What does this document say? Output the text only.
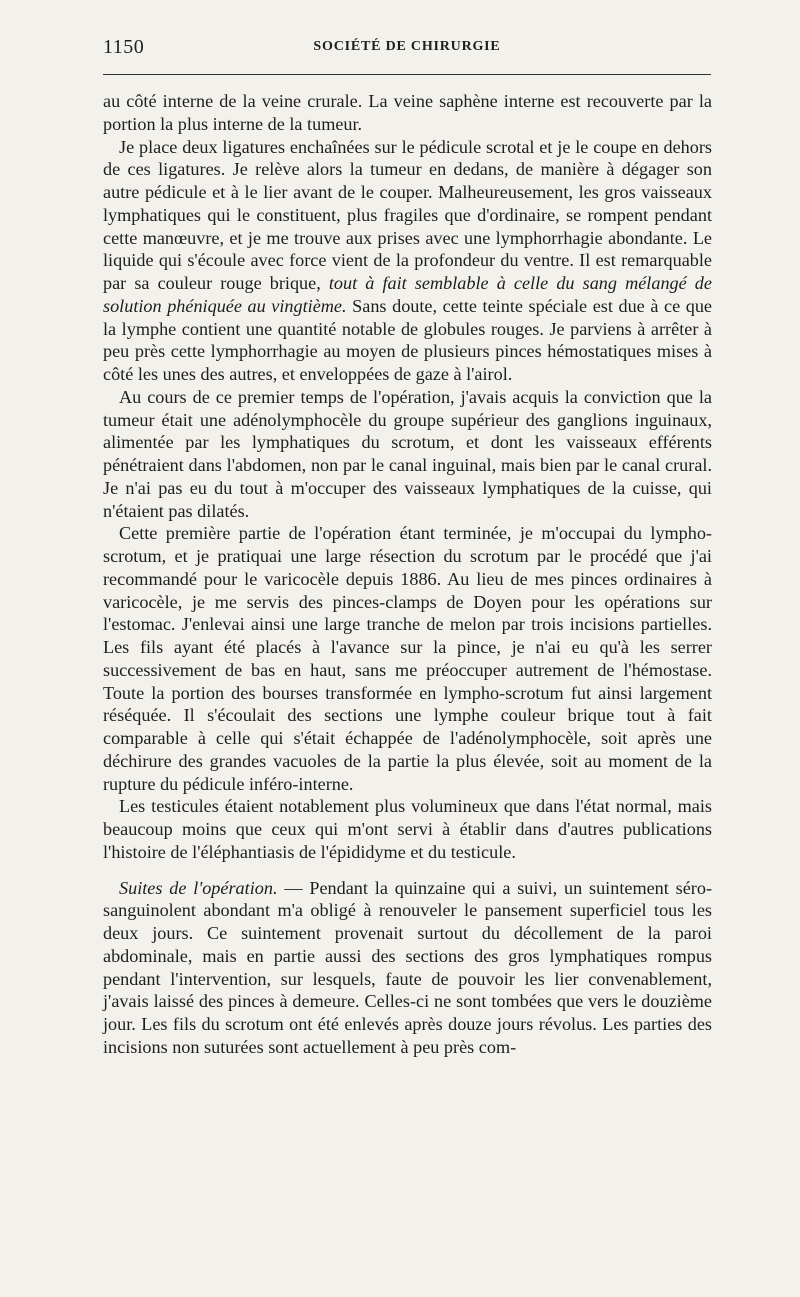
1150	SOCIÉTÉ DE CHIRURGIE

au côté interne de la veine crurale. La veine saphène interne est recouverte par la portion la plus interne de la tumeur.

Je place deux ligatures enchaînées sur le pédicule scrotal et je le coupe en dehors de ces ligatures. Je relève alors la tumeur en dedans, de manière à dégager son autre pédicule et à le lier avant de le couper. Malheureusement, les gros vaisseaux lymphatiques qui le constituent, plus fragiles que d'ordinaire, se rompent pendant cette manœuvre, et je me trouve aux prises avec une lymphorrhagie abondante. Le liquide qui s'écoule avec force vient de la profondeur du ventre. Il est remarquable par sa couleur rouge brique, tout à fait semblable à celle du sang mélangé de solution phéniquée au vingtième. Sans doute, cette teinte spéciale est due à ce que la lymphe contient une quantité notable de globules rouges. Je parviens à arrêter à peu près cette lymphorrhagie au moyen de plusieurs pinces hémostatiques mises à côté les unes des autres, et enveloppées de gaze à l'airol.

Au cours de ce premier temps de l'opération, j'avais acquis la conviction que la tumeur était une adénolymphocèle du groupe supérieur des ganglions inguinaux, alimentée par les lymphatiques du scrotum, et dont les vaisseaux efférents pénétraient dans l'abdomen, non par le canal inguinal, mais bien par le canal crural. Je n'ai pas eu du tout à m'occuper des vaisseaux lymphatiques de la cuisse, qui n'étaient pas dilatés.

Cette première partie de l'opération étant terminée, je m'occupai du lympho-scrotum, et je pratiquai une large résection du scrotum par le procédé que j'ai recommandé pour le varicocèle depuis 1886. Au lieu de mes pinces ordinaires à varicocèle, je me servis des pinces-clamps de Doyen pour les opérations sur l'estomac. J'enlevai ainsi une large tranche de melon par trois incisions partielles. Les fils ayant été placés à l'avance sur la pince, je n'ai eu qu'à les serrer successivement de bas en haut, sans me préoccuper autrement de l'hémostase. Toute la portion des bourses transformée en lympho-scrotum fut ainsi largement réséquée. Il s'écoulait des sections une lymphe couleur brique tout à fait comparable à celle qui s'était échappée de l'adénolymphocèle, soit après une déchirure des grandes vacuoles de la partie la plus élevée, soit au moment de la rupture du pédicule inféro-interne.

Les testicules étaient notablement plus volumineux que dans l'état normal, mais beaucoup moins que ceux qui m'ont servi à établir dans d'autres publications l'histoire de l'éléphantiasis de l'épididyme et du testicule.

Suites de l'opération. — Pendant la quinzaine qui a suivi, un suintement séro-sanguinolent abondant m'a obligé à renouveler le pansement superficiel tous les deux jours. Ce suintement provenait surtout du décollement de la paroi abdominale, mais en partie aussi des sections des gros lymphatiques rompus pendant l'intervention, sur lesquels, faute de pouvoir les lier convenablement, j'avais laissé des pinces à demeure. Celles-ci ne sont tombées que vers le douzième jour. Les fils du scrotum ont été enlevés après douze jours révolus. Les parties des incisions non suturées sont actuellement à peu près com-
